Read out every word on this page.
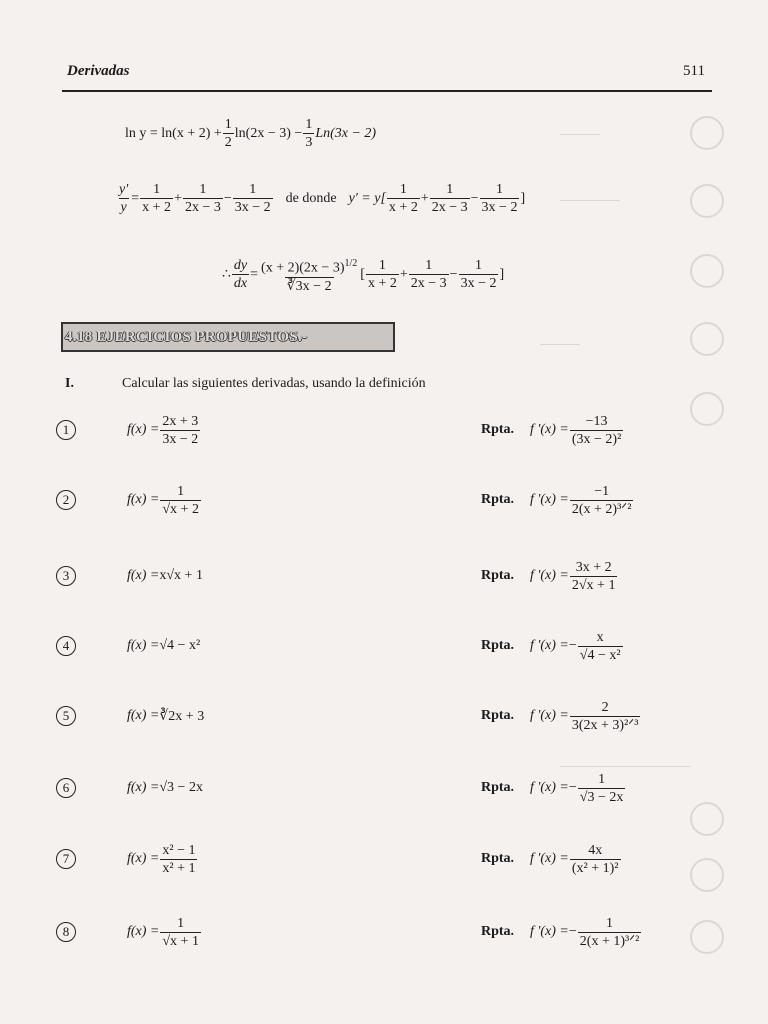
Derivadas	511
$\ln y = \ln(x + 2) + \frac{1}{2} \ln(2x - 3) - \frac{1}{3} Ln(3x - 2)$
$\frac{y'}{y} = \frac{1}{x + 2} + \frac{1}{2x - 3} - \frac{1}{3x - 2}$ de donde $y' = y[ \frac{1}{x + 2} + \frac{1}{2x - 3} - \frac{1}{3x - 2}$ ]
∴ $\frac{dy}{dx} = \frac{(x + 2)(2x - 3)^{1/2}}{∛3x - 2}$ [ $\frac{1}{x + 2} + \frac{1}{2x - 3} - \frac{1}{3x - 2}$ ]
4.18 EJERCICIOS PROPUESTOS.-
I.	Calcular las siguientes derivadas, usando la definición
1	$f(x) = \frac{2x + 3}{3x - 2}$	Rpta. f '$(x) = \frac{-13}{\text{(3x − 2)²}}$
2	$f(x) = \frac{1}{√x + 2}$	Rpta. f '$(x) = \frac{-1}{\text{2(x + 2)³ᐟ²}}$
3	f(x) = x√x + 1	Rpta. f '$(x) = \frac{3x + 2}{2√x + 1}$
4	f(x) = √4 − x²	Rpta. f '(x) = − $\frac{x}{\text{√4 − x²}}$
5	f(x) = ∛2x + 3	Rpta. f '$(x) = \frac{2}{\text{3(2x + 3)²ᐟ³}}$
6	f(x) = √3 − 2x	Rpta. f '(x) = − $\frac{1}{√3 - 2x}$
7	$f(x) = \frac{\text{x² − 1}}{\text{x² + 1}}$	Rpta. f '$(x) = \frac{4x}{\text{(x² + 1)²}}$
8	$f(x) = \frac{1}{√x + 1}$	Rpta. f '(x) = − $\frac{1}{\text{2(x + 1)³ᐟ²}}$
